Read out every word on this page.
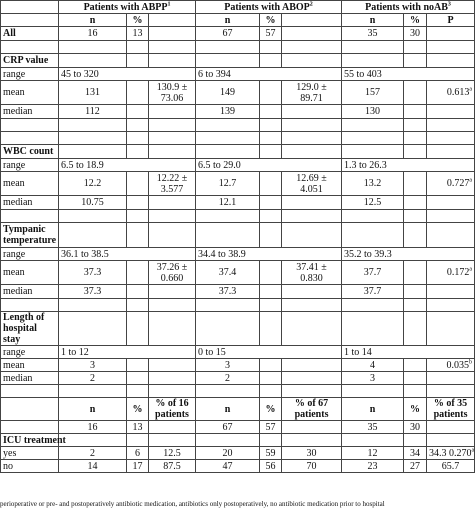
	Patients with ABPP$^1$			Patients with ABOP$^2$			Patients with noAB$^3$
	n	%		n	%		n	%	P
All	16	13		67	57		35	30	

CRP value									
range	45 to 320			6 to 394			55 to 403		
mean	131		130.9 ± 73.06	149		129.0 ± 89.71	157		0.613$^a$
median	112			139			130		

WBC count									
range	6.5 to 18.9			6.5 to 29.0			1.3 to 26.3		
mean	12.2		12.22 ± 3.577	12.7		12.69 ± 4.051	13.2		0.727$^a$
median	10.75			12.1			12.5		

Tympanic temperature									
range	36.1 to 38.5			34.4 to 38.9			35.2 to 39.3		
mean	37.3		37.26 ± 0.660	37.4		37.41 ± 0.830	37.7		0.172$^a$
median	37.3			37.3			37.7		

Length of hospital stay									
range	1 to 12			0 to 15			1 to 14		
mean	3			3			4		0.035$^b$
median	2			2			3		

	n	%	% of 16 patients	n	%	% of 67 patients	n	%	% of 35 patients
	16	13		67	57		35	30	
ICU treatment									
yes	2	6	12.5	20	59	30	12	34	34.3 0.270$^a$
no	14	17	87.5	47	56	70	23	27	65.7
perioperative or pre- and postoperatively antibiotic medication, antibiotics only postoperatively, no antibiotic medication prior to hospital
